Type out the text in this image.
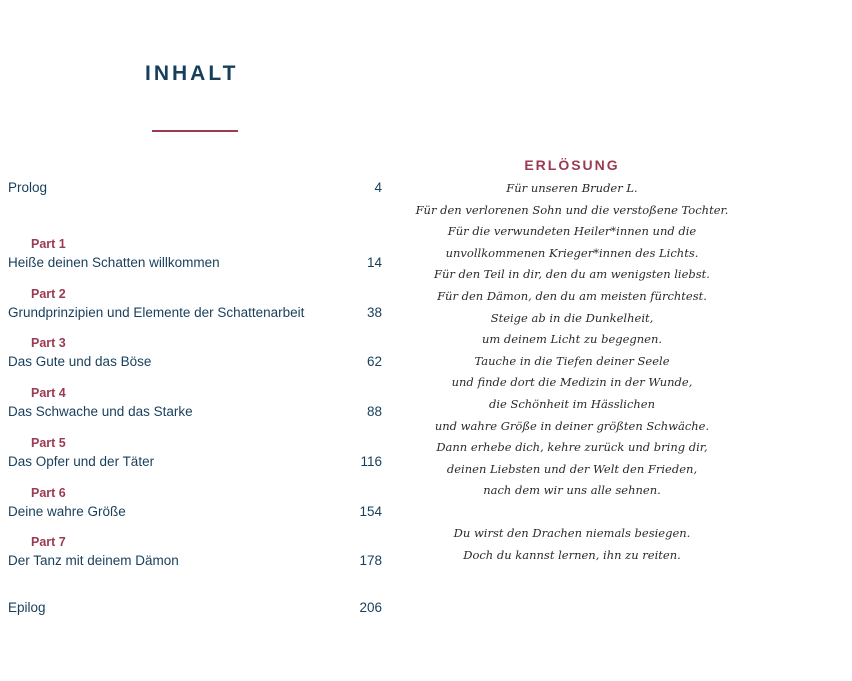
INHALT
Prolog	4
Part 1
Heiße deinen Schatten willkommen	14
Part 2
Grundprinzipien und Elemente der Schattenarbeit	38
Part 3
Das Gute und das Böse	62
Part 4
Das Schwache und das Starke	88
Part 5
Das Opfer und der Täter	116
Part 6
Deine wahre Größe	154
Part 7
Der Tanz mit deinem Dämon	178
Epilog	206
ERLÖSUNG
Für unseren Bruder L.
Für den verlorenen Sohn und die verstoßene Tochter.
Für die verwundeten Heiler*innen und die
unvollkommenen Krieger*innen des Lichts.
Für den Teil in dir, den du am wenigsten liebst.
Für den Dämon, den du am meisten fürchtest.
Steige ab in die Dunkelheit,
um deinem Licht zu begegnen.
Tauche in die Tiefen deiner Seele
und finde dort die Medizin in der Wunde,
die Schönheit im Hässlichen
und wahre Größe in deiner größten Schwäche.
Dann erhebe dich, kehre zurück und bring dir,
deinen Liebsten und der Welt den Frieden,
nach dem wir uns alle sehnen.
Du wirst den Drachen niemals besiegen.
Doch du kannst lernen, ihn zu reiten.
